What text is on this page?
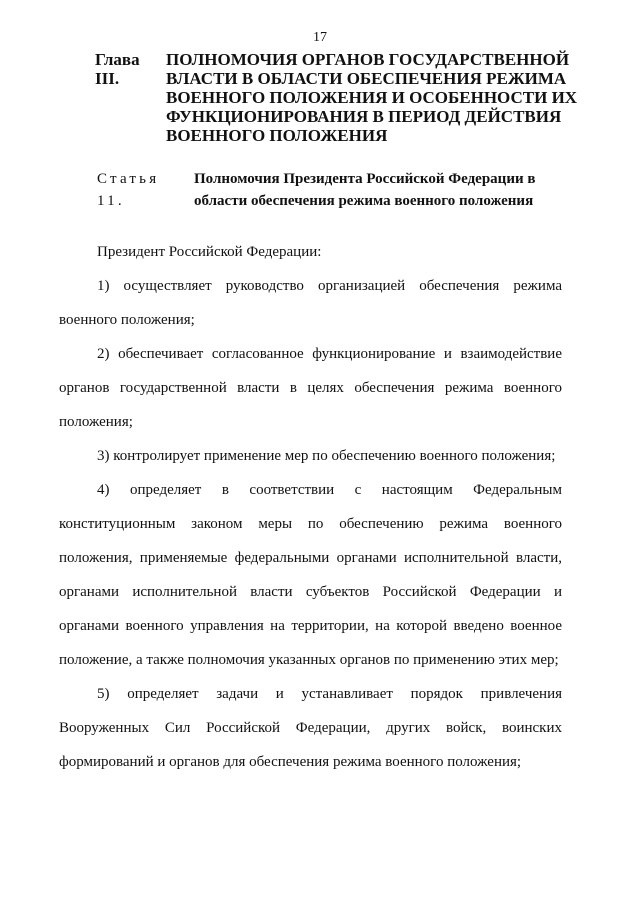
17
Глава III.
ПОЛНОМОЧИЯ ОРГАНОВ ГОСУДАРСТВЕННОЙ ВЛАСТИ В ОБЛАСТИ ОБЕСПЕЧЕНИЯ РЕЖИМА ВОЕННОГО ПОЛОЖЕНИЯ И ОСОБЕННОСТИ ИХ ФУНКЦИОНИРОВАНИЯ В ПЕРИОД ДЕЙСТВИЯ ВОЕННОГО ПОЛОЖЕНИЯ
Статья 11.
Полномочия Президента Российской Федерации в области обеспечения режима военного положения

Президент Российской Федерации:

1) осуществляет руководство организацией обеспечения режима военного положения;

2) обеспечивает согласованное функционирование и взаимодействие органов государственной власти в целях обеспечения режима военного положения;

3) контролирует применение мер по обеспечению военного положения;

4) определяет в соответствии с настоящим Федеральным конституционным законом меры по обеспечению режима военного положения, применяемые федеральными органами исполнительной власти, органами исполнительной власти субъектов Российской Федерации и органами военного управления на территории, на которой введено военное положение, а также полномочия указанных органов по применению этих мер;

5) определяет задачи и устанавливает порядок привлечения Вооруженных Сил Российской Федерации, других войск, воинских формирований и органов для обеспечения режима военного положения;
